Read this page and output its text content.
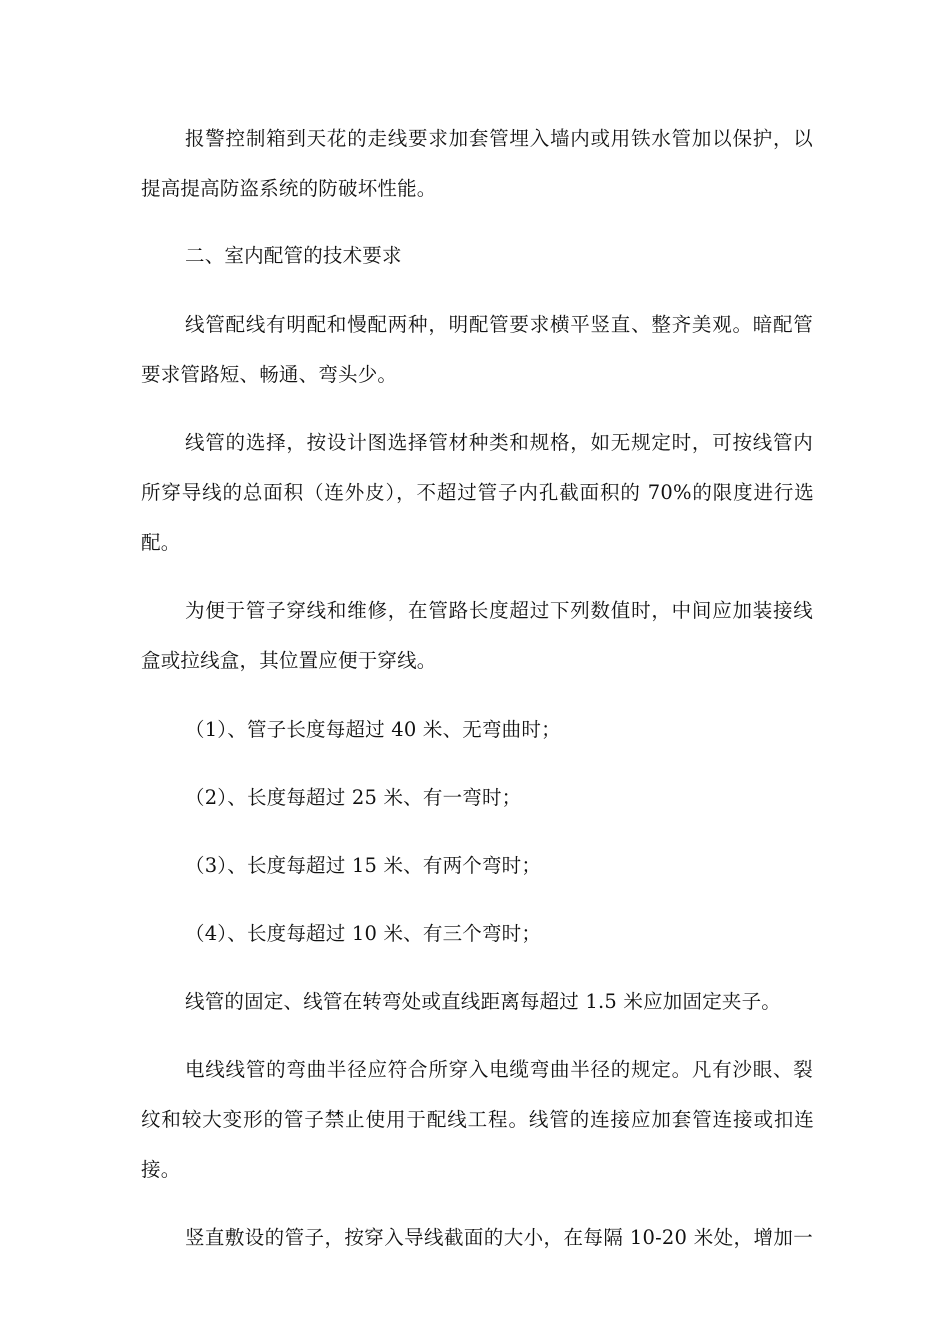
报警控制箱到天花的走线要求加套管埋入墙内或用铁水管加以保护，以
提高提高防盗系统的防破坏性能。
二、室内配管的技术要求
线管配线有明配和慢配两种，明配管要求横平竖直、整齐美观。暗配管
要求管路短、畅通、弯头少。
线管的选择，按设计图选择管材种类和规格，如无规定时，可按线管内
所穿导线的总面积（连外皮），不超过管子内孔截面积的 70%的限度进行选
配。
为便于管子穿线和维修，在管路长度超过下列数值时，中间应加装接线
盒或拉线盒，其位置应便于穿线。
（1）、管子长度每超过 40 米、无弯曲时；
（2）、长度每超过 25 米、有一弯时；
（3）、长度每超过 15 米、有两个弯时；
（4）、长度每超过 10 米、有三个弯时；
线管的固定、线管在转弯处或直线距离每超过 1.5 米应加固定夹子。
电线线管的弯曲半径应符合所穿入电缆弯曲半径的规定。凡有沙眼、裂
纹和较大变形的管子禁止使用于配线工程。线管的连接应加套管连接或扣连
接。
竖直敷设的管子，按穿入导线截面的大小，在每隔 10-20 米处，增加一
